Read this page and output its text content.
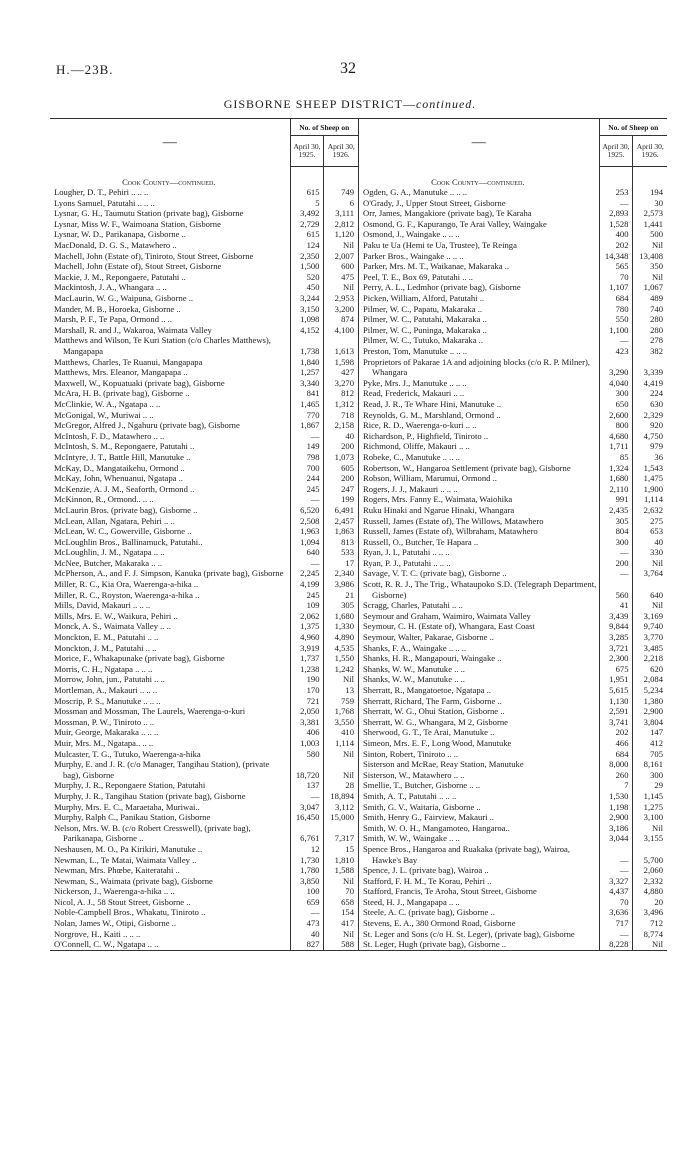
H.—23B.	32
GISBORNE SHEEP DISTRICT—continued.
—	No. of Sheep on	
	April 30, 1925.	April 30, 1926.
Cook County—continued.		
Lougher, D. T., Pehiri .. .. ..	615	749
Lyons Samuel, Patutahi .. .. ..	5	6
Lysnar, G. H., Taumutu Station (private bag), Gisborne	3,492	3,111
Lysnar, Miss W. F., Waimoana Station, Gisborne	2,729	2,812
Lysnar, W. D., Parikanapa, Gisborne ..	615	1,120
MacDonald, D. G. S., Matawhero ..	124	Nil
Machell, John (Estate of), Tiniroto, Stout Street, Gisborne	2,350	2,007
Machell, John (Estate of), Stout Street, Gisborne	1,500	600
Mackie, J. M., Repongaere, Patutahi ..	520	475
Mackintosh, J. A., Whangara .. ..	450	Nil
MacLaurin, W. G., Waipuna, Gisborne ..	3,244	2,953
Mander, M. B., Horoeka, Gisborne ..	3,150	3,200
Marsh, P. F., Te Papa, Ormond .. ..	1,098	874
Marshall, R. and J., Wakaroa, Waimata Valley	4,152	4,100
Matthews and Wilson, Te Kuri Station (c/o Charles Matthews), Mangapapa	1,738	1,613
Matthews, Charles, Te Ruanui, Mangapapa	1,840	1,598
Matthews, Mrs. Eleanor, Mangapapa ..	1,257	427
Maxwell, W., Kopuatuaki (private bag), Gisborne	3,340	3,270
McAra, H. B. (private bag), Gisborne ..	841	812
McClinkie, W. A., Ngatapa .. ..	1,465	1,312
McGonigal, W., Muriwai .. ..	770	718
McGregor, Alfred J., Ngahuru (private bag), Gisborne	1,867	2,158
McIntosh, F. D., Matawhero .. ..	—	40
McIntosh, S. M., Repongaere, Patutahi ..	149	200
McIntyre, J. T., Battle Hill, Manutuke ..	798	1,073
McKay, D., Mangataikehu, Ormond ..	700	605
McKay, John, Whenuanui, Ngatapa ..	244	200
McKenzie, A. J. M., Seaforth, Ormond ..	245	247
McKinnon, R., Ormond.. .. ..	—	199
McLaurin Bros. (private bag), Gisborne ..	6,520	6,491
McLean, Allan, Ngatara, Pehiri .. ..	2,508	2,457
McLean, W. C., Gowerville, Gisborne ..	1,963	1,863
McLoughlin Bros., Ballinamuck, Patutahi..	1,094	813
McLoughlin, J. M., Ngatapa .. ..	640	533
McNee, Butcher, Makaraka .. ..	—	17
McPherson, A., and F. J. Simpson, Kanuka (private bag), Gisborne	2,245	2,340
Miller, R. C., Kia Ora, Waerenga-a-hika ..	4,199	3,986
Miller, R. C., Royston, Waerenga-a-hika ..	245	21
Mills, David, Makauri .. .. ..	109	305
Mills, Mrs. E. W., Waikura, Pehiri ..	2,062	1,680
Monck, A. S., Waimata Valley .. ..	1,375	1,330
Monckton, E. M., Patutahi .. ..	4,960	4,890
Monckton, J. M., Patutahi .. ..	3,919	4,535
Morice, F., Whakapunake (private bag), Gisborne	1,737	1,550
Morris, C. H., Ngatapa .. .. ..	1,238	1,242
Morrow, John, jun., Patutahi .. ..	190	Nil
Mortleman, A., Makauri .. .. ..	170	13
Moscrip, P. S., Manutuke .. .. ..	721	759
Mossman and Mossman, The Laurels, Waerenga-o-kuri	2,050	1,768
Mossman, P. W., Tiniroto .. ..	3,381	3,550
Muir, George, Makaraka .. .. ..	406	410
Muir, Mrs. M., Ngatapa.. .. ..	1,003	1,114
Mulcaster, T. G., Tutuko, Waerenga-a-hika	580	Nil
Murphy, E. and J. R. (c/o Manager, Tangihau Station), (private bag), Gisborne	18,720	Nil
Murphy, J. R., Repongaere Station, Patutahi	137	28
Murphy, J. R., Tangihau Station (private bag), Gisborne	—	18,894
Murphy, Mrs. E. C., Maraetaha, Muriwai..	3,047	3,112
Murphy, Ralph C., Panikau Station, Gisborne	16,450	15,000
Nelson, Mrs. W. B. (c/o Robert Cresswell), (private bag), Parikanapa, Gisborne ..	6,761	7,317
Neshausen, M. O., Pa Kirikiri, Manutuke ..	12	15
Newman, L., Te Matai, Waimata Valley ..	1,730	1,810
Newman, Mrs. Phœbe, Kaiteratahi ..	1,780	1,588
Newman, S., Waimata (private bag), Gisborne	3,850	Nil
Nickerson, J., Waerenga-a-hika .. ..	100	70
Nicol, A. J., 58 Stout Street, Gisborne ..	659	658
Noble-Campbell Bros., Whakatu, Tiniroto ..	—	154
Nolan, James W., Otipi, Gisborne ..	473	417
Norgrove, H., Kaiti .. .. ..	40	Nil
O'Connell, C. W., Ngatapa .. ..	827	588
—	No. of Sheep on	
	April 30, 1925.	April 30, 1926.
Cook County—continued.		
Ogden, G. A., Manutuke .. .. ..	253	194
O'Grady, J., Upper Stout Street, Gisborne	—	30
Orr, James, Mangakiore (private bag), Te Karaha	2,893	2,573
Osmond, G. F., Kapurango, Te Arai Valley, Waingake	1,528	1,441
Osmond, J., Waingake .. .. ..	400	500
Paku te Ua (Hemi te Ua, Trustee), Te Reinga	202	Nil
Parker Bros., Waingake .. .. ..	14,348	13,408
Parker, Mrs. M. T., Waikanae, Makaraka ..	565	350
Peel, T. E., Box 69, Patutahi .. ..	70	Nil
Perry, A. L., Ledmhor (private bag), Gisborne	1,107	1,067
Picken, William, Alford, Patutahi ..	684	489
Pilmer, W. C., Papatu, Makaraka ..	780	740
Pilmer, W. C., Patutahi, Makaraka ..	550	280
Pilmer, W. C., Puninga, Makaraka ..	1,100	280
Pilmer, W. C., Tutuko, Makaraka ..	—	278
Preston, Tom, Manutuke .. .. ..	423	382
Proprietors of Pakarae 1A and adjoining blocks (c/o R. P. Milner), Whangara	3,290	3,339
Pyke, Mrs. J., Manutuke .. .. ..	4,040	4,419
Read, Frederick, Makauri .. ..	300	224
Read, J. R., Te Whare Hini, Manutuke ..	650	630
Reynolds, G. M., Marshland, Ormond ..	2,600	2,329
Rice, R. D., Waerenga-o-kuri .. ..	800	920
Richardson, P., Highfield, Tiniroto ..	4,680	4,750
Richmond, Oliffe, Makauri .. ..	1,711	979
Robeke, C., Manutuke .. .. ..	85	36
Robertson, W., Hangaroa Settlement (private bag), Gisborne	1,324	1,543
Robson, William, Marumui, Ormond ..	1,680	1,475
Rogers, J. J., Makauri .. .. ..	2,110	1,900
Rogers, Mrs. Fanny E., Waimata, Waiohika	991	1,114
Ruku Hinaki and Ngarue Hinaki, Whangara	2,435	2,632
Russell, James (Estate of), The Willows, Matawhero	305	275
Russell, James (Estate of), Wilbraham, Matawhero	804	653
Russell, O., Butcher, Te Hapara ..	300	40
Ryan, J. I., Patutahi .. .. ..	—	330
Ryan, P. J., Patutahi .. .. ..	200	Nil
Savage, V. T. C. (private bag), Gisborne ..	—	3,764
Scott, R. R. J., The Trig., Whataupoko S.D. (Telegraph Department, Gisborne)	560	640
Scragg, Charles, Patutahi .. ..	41	Nil
Seymour and Graham, Waimiro, Waimata Valley	3,439	3,169
Seymour, C. H. (Estate of), Whangara, East Coast	9,844	9,740
Seymour, Walter, Pakarae, Gisborne ..	3,285	3,770
Shanks, F. A., Waingake .. .. ..	3,721	3,485
Shanks, H. R., Mangapouri, Waingake ..	2,300	2,218
Shanks, W. W., Manutuke .. ..	675	620
Shanks, W. W., Manutuke .. ..	1,951	2,084
Sherratt, R., Mangatoetoe, Ngatapa ..	5,615	5,234
Sherratt, Richard, The Farm, Gisborne ..	1,130	1,380
Sherratt, W. G., Ohui Station, Gisborne ..	2,591	2,900
Sherratt, W. G., Whangara, M 2, Gisborne	3,741	3,804
Sherwood, G. T., Te Arai, Manutuke ..	202	147
Simeon, Mrs. E. F., Long Wood, Manutuke	466	412
Sinton, Robert, Tiniroto .. ..	684	705
Sisterson and McRae, Reay Station, Manutuke	8,000	8,161
Sisterson, W., Matawhero .. ..	260	300
Smellie, T., Butcher, Gisborne .. ..	7	29
Smith, A. T., Patutahi .. .. ..	1,530	1,145
Smith, G. V., Waitaria, Gisborne ..	1,198	1,275
Smith, Henry G., Fairview, Makauri ..	2,900	3,100
Smith, W. O. H., Mangamoteo, Hangaroa..	3,186	Nil
Smith, W. W., Waingake .. ..	3,044	3,155
Spence Bros., Hangaroa and Ruakaka (private bag), Wairoa, Hawke's Bay	—	5,700
Spence, J. L. (private bag), Wairoa ..	—	2,060
Stafford, F. H. M., Te Korau, Pehiri ..	3,327	2,332
Stafford, Francis, Te Aroha, Stout Street, Gisborne	4,437	4,880
Steed, H. J., Mangapapa .. ..	70	20
Steele, A. C. (private bag), Gisborne ..	3,636	3,496
Stevens, E. A., 380 Ormond Road, Gisborne	717	712
St. Leger and Sons (c/o H. St. Leger), (private bag), Gisborne	—	8,774
St. Leger, Hugh (private bag), Gisborne ..	8,228	Nil
